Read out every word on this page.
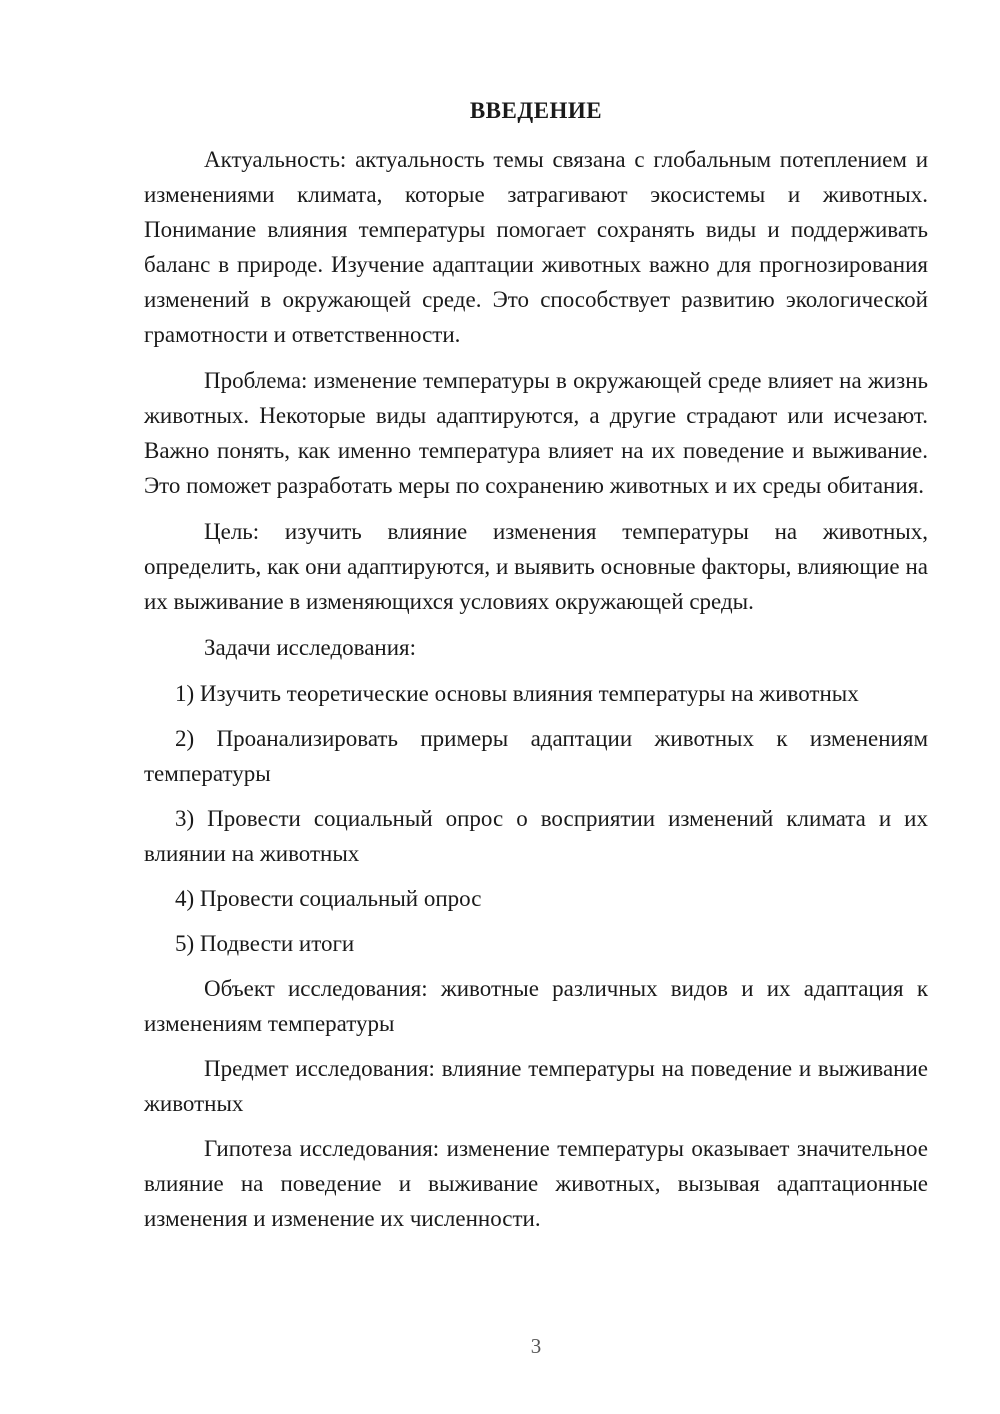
ВВЕДЕНИЕ

Актуальность: актуальность темы связана с глобальным потеплением и изменениями климата, которые затрагивают экосистемы и животных. Понимание влияния температуры помогает сохранять виды и поддерживать баланс в природе. Изучение адаптации животных важно для прогнозирования изменений в окружающей среде. Это способствует развитию экологической грамотности и ответственности.

Проблема: изменение температуры в окружающей среде влияет на жизнь животных. Некоторые виды адаптируются, а другие страдают или исчезают. Важно понять, как именно температура влияет на их поведение и выживание. Это поможет разработать меры по сохранению животных и их среды обитания.

Цель: изучить влияние изменения температуры на животных, определить, как они адаптируются, и выявить основные факторы, влияющие на их выживание в изменяющихся условиях окружающей среды.

Задачи исследования:

1) Изучить теоретические основы влияния температуры на животных

2) Проанализировать примеры адаптации животных к изменениям температуры

3) Провести социальный опрос о восприятии изменений климата и их влиянии на животных

4) Провести социальный опрос

5) Подвести итоги

Объект исследования: животные различных видов и их адаптация к изменениям температуры

Предмет исследования: влияние температуры на поведение и выживание животных

Гипотеза исследования: изменение температуры оказывает значительное влияние на поведение и выживание животных, вызывая адаптационные изменения и изменение их численности.

3
